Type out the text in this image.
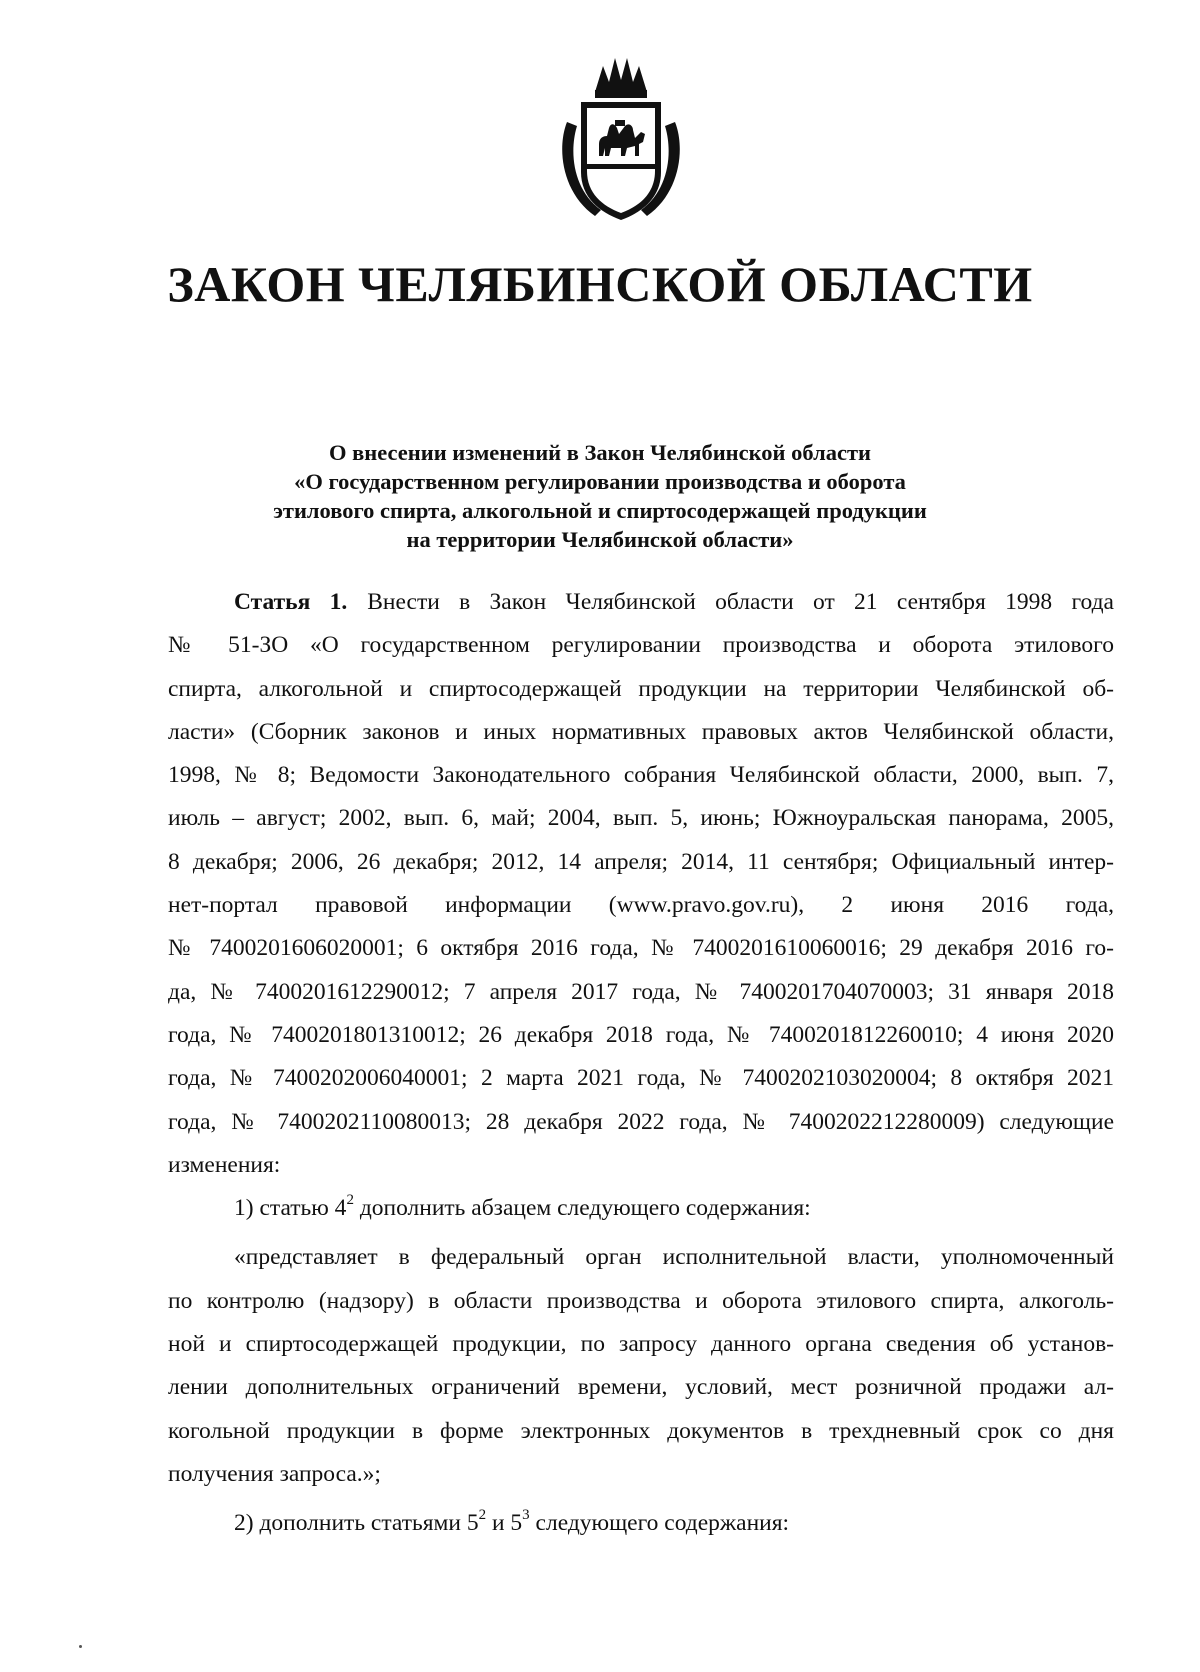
ЗАКОН ЧЕЛЯБИНСКОЙ ОБЛАСТИ
О внесении изменений в Закон Челябинской области
«О государственном регулировании производства и оборота
этилового спирта, алкогольной и спиртосодержащей продукции
на территории Челябинской области»
Статья 1. Внести в Закон Челябинской области от 21 сентября 1998 года
№ 51-ЗО «О государственном регулировании производства и оборота этилового
спирта, алкогольной и спиртосодержащей продукции на территории Челябинской об-
ласти» (Сборник законов и иных нормативных правовых актов Челябинской области,
1998, № 8; Ведомости Законодательного собрания Челябинской области, 2000, вып. 7,
июль – август; 2002, вып. 6, май; 2004, вып. 5, июнь; Южноуральская панорама, 2005,
8 декабря; 2006, 26 декабря; 2012, 14 апреля; 2014, 11 сентября; Официальный интер-
нет-портал правовой информации (www.pravo.gov.ru), 2 июня 2016 года,
№ 7400201606020001; 6 октября 2016 года, № 7400201610060016; 29 декабря 2016 го-
да, № 7400201612290012; 7 апреля 2017 года, № 7400201704070003; 31 января 2018
года, № 7400201801310012; 26 декабря 2018 года, № 7400201812260010; 4 июня 2020
года, № 7400202006040001; 2 марта 2021 года, № 7400202103020004; 8 октября 2021
года, № 7400202110080013; 28 декабря 2022 года, № 7400202212280009) следующие
изменения:
1) статью $4^2$ дополнить абзацем следующего содержания:
«представляет в федеральный орган исполнительной власти, уполномоченный
по контролю (надзору) в области производства и оборота этилового спирта, алкоголь-
ной и спиртосодержащей продукции, по запросу данного органа сведения об установ-
лении дополнительных ограничений времени, условий, мест розничной продажи ал-
когольной продукции в форме электронных документов в трехдневный срок со дня
получения запроса.»;
2) дополнить статьями $5^2$ и $5^3$ следующего содержания:
